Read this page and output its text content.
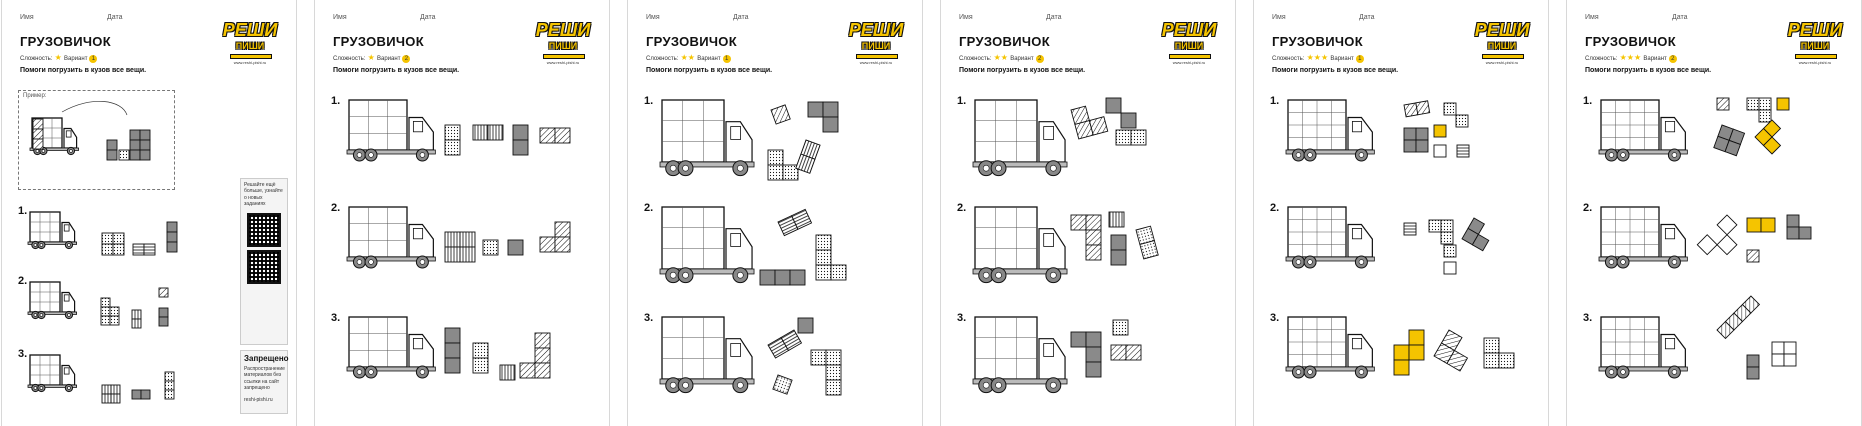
Имя	Дата
ГРУЗОВИЧОК
Сложность: ★ Вариант 1
Помоги погрузить в кузов все вещи.
РЕШИ
ПИШИ
www.reshi-pishi.ru
Пример:
Решайте ещё больше, узнайте о новых заданиях
Запрещено
Распространение материалов без ссылки на сайт запрещено
reshi-pishi.ru
1.
2.
3.
Имя	Дата
ГРУЗОВИЧОК
Сложность: ★ Вариант 2
Помоги погрузить в кузов все вещи.
РЕШИ
ПИШИ
www.reshi-pishi.ru
1.
2.
3.
Имя	Дата
ГРУЗОВИЧОК
Сложность: ★★ Вариант 1
Помоги погрузить в кузов все вещи.
РЕШИ
ПИШИ
www.reshi-pishi.ru
1.
2.
3.
Имя	Дата
ГРУЗОВИЧОК
Сложность: ★★ Вариант 2
Помоги погрузить в кузов все вещи.
РЕШИ
ПИШИ
www.reshi-pishi.ru
1.
2.
3.
Имя	Дата
ГРУЗОВИЧОК
Сложность: ★★★ Вариант 1
Помоги погрузить в кузов все вещи.
РЕШИ
ПИШИ
www.reshi-pishi.ru
1.
2.
3.
Имя	Дата
ГРУЗОВИЧОК
Сложность: ★★★ Вариант 2
Помоги погрузить в кузов все вещи.
РЕШИ
ПИШИ
www.reshi-pishi.ru
1.
2.
3.
